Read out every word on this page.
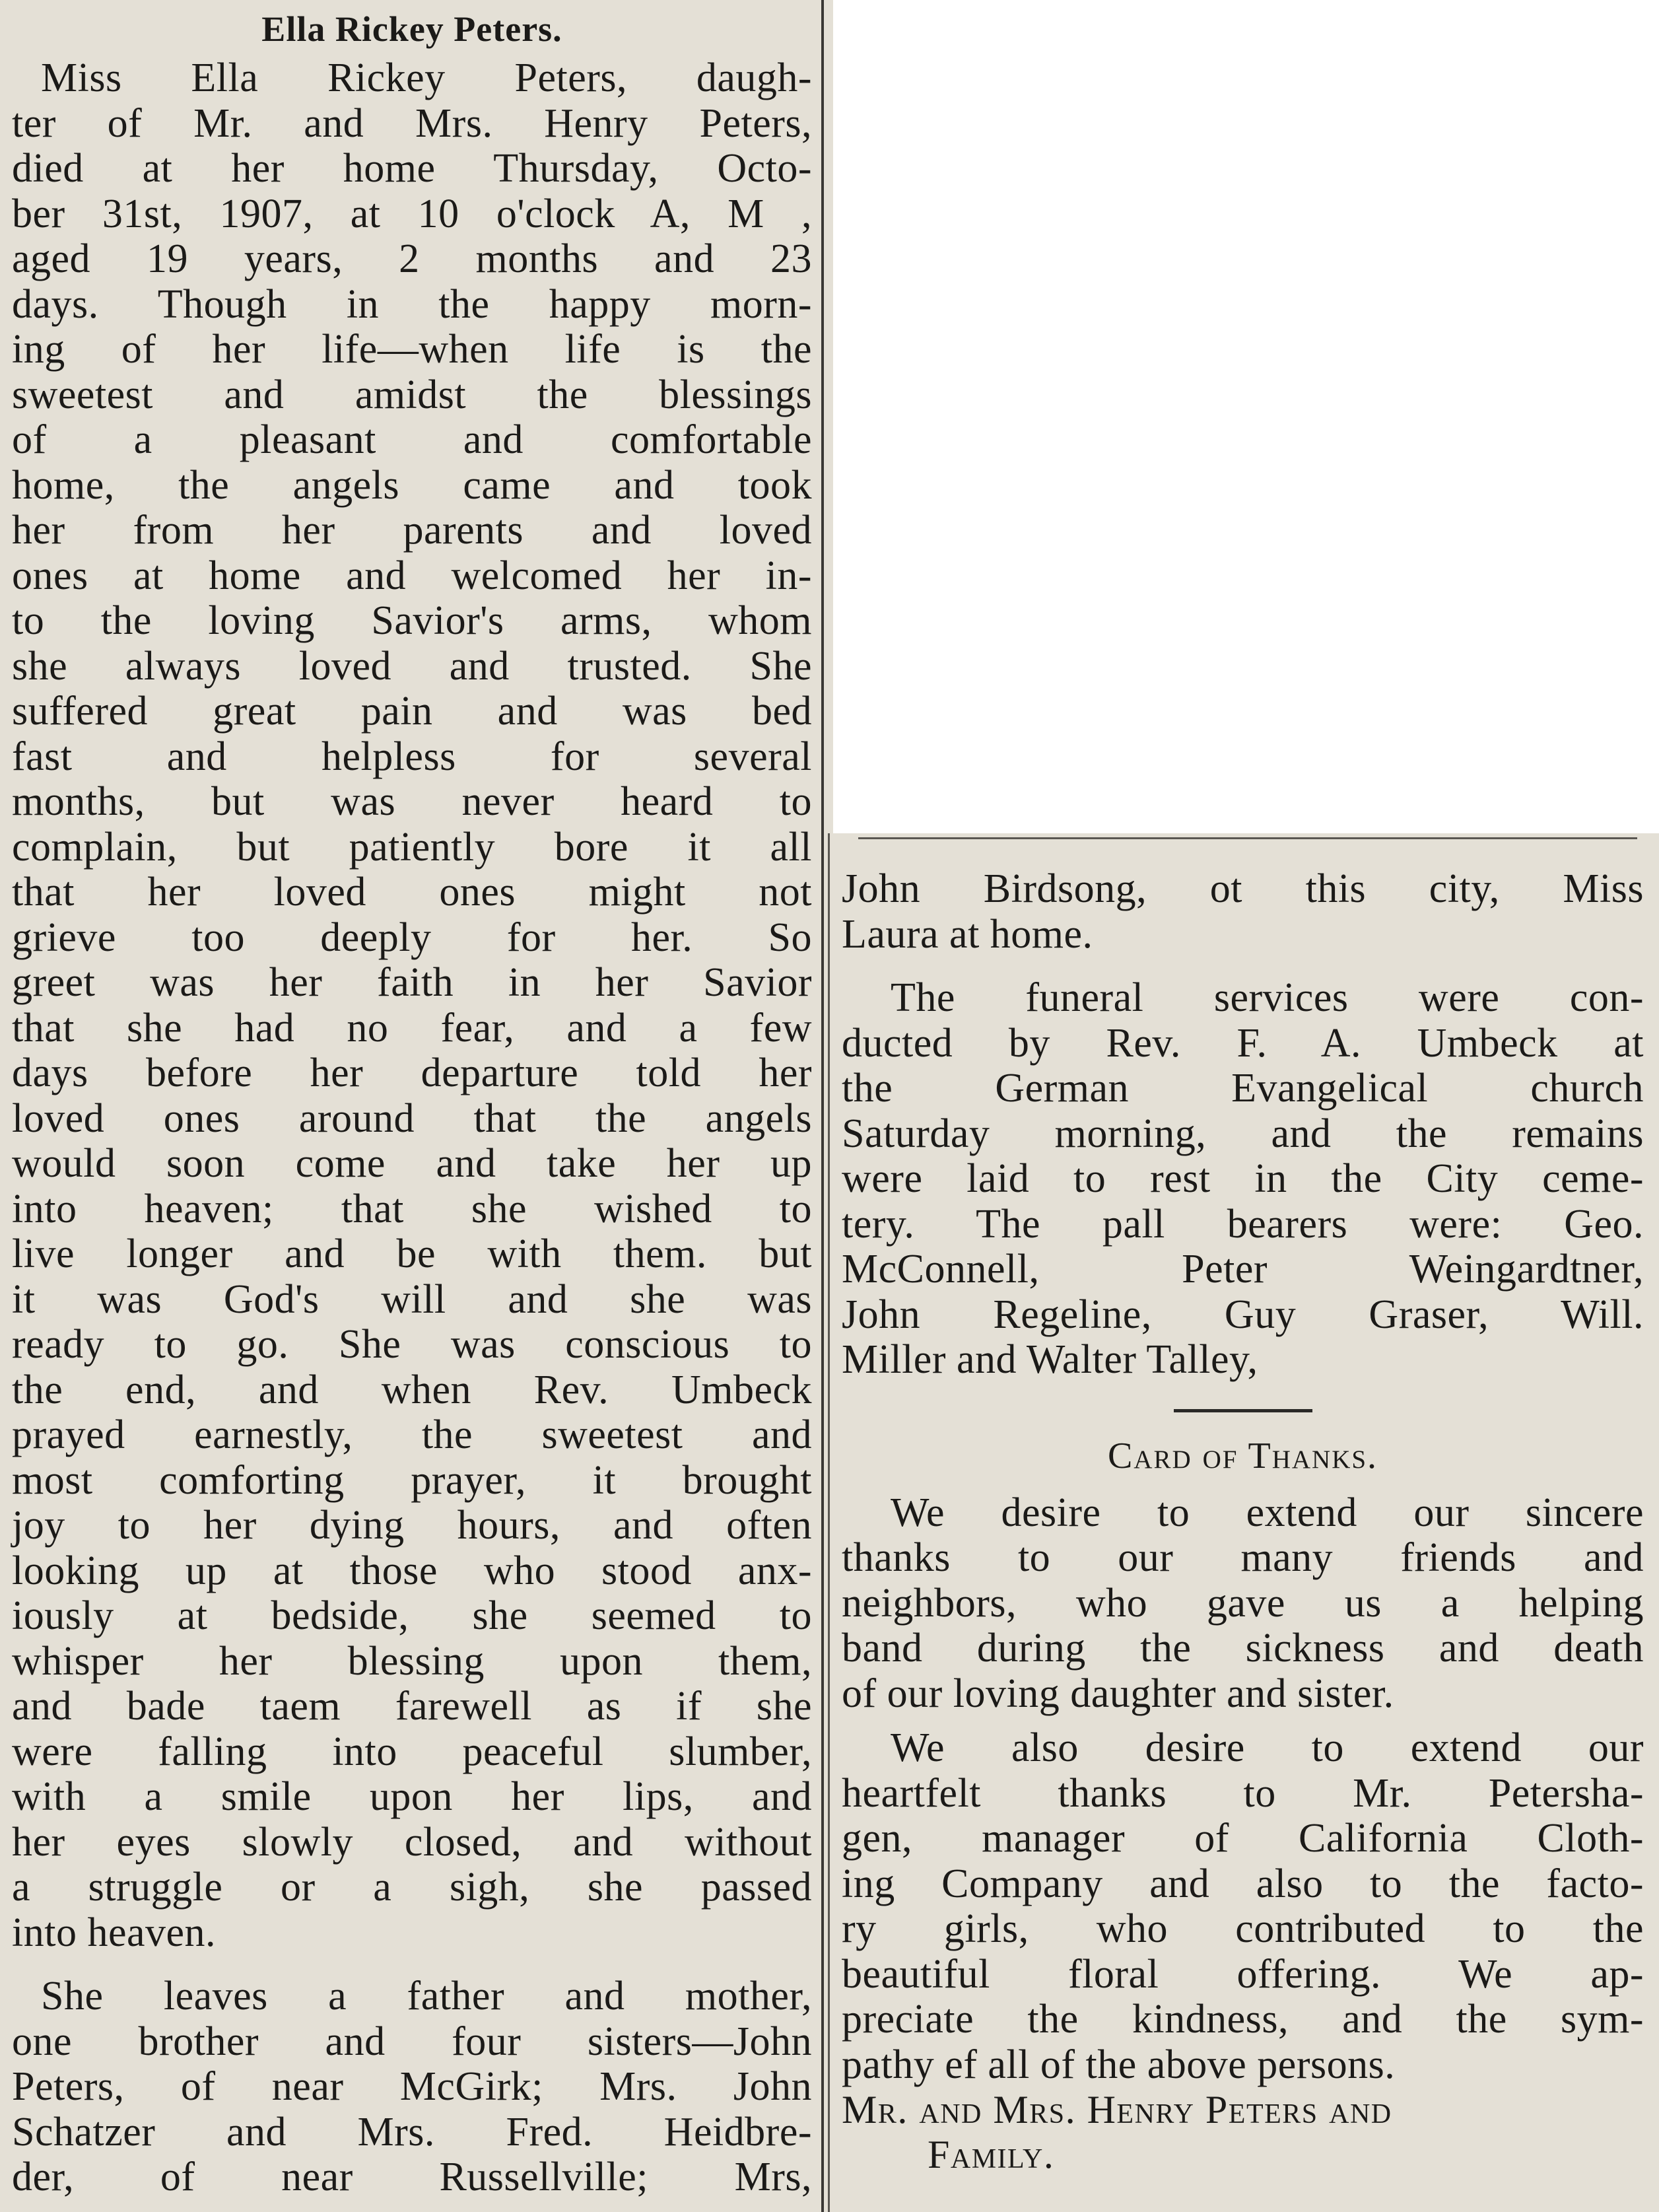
Ella Rickey Peters.
Miss Ella Rickey Peters, daugh-
ter of Mr. and Mrs. Henry Peters,
died at her home Thursday, Octo-
ber 31st, 1907, at 10 o'clock A, M ,
aged 19 years, 2 months and 23
days. Though in the happy morn-
ing of her life—when life is the
sweetest and amidst the blessings
of a pleasant and comfortable
home, the angels came and took
her from her parents and loved
ones at home and welcomed her in-
to the loving Savior's arms, whom
she always loved and trusted. She
suffered great pain and was bed
fast and helpless for several
months, but was never heard to
complain, but patiently bore it all
that her loved ones might not
grieve too deeply for her. So
greet was her faith in her Savior
that she had no fear, and a few
days before her departure told her
loved ones around that the angels
would soon come and take her up
into heaven; that she wished to
live longer and be with them. but
it was God's will and she was
ready to go. She was conscious to
the end, and when Rev. Umbeck
prayed earnestly, the sweetest and
most comforting prayer, it brought
joy to her dying hours, and often
looking up at those who stood anx-
iously at bedside, she seemed to
whisper her blessing upon them,
and bade taem farewell as if she
were falling into peaceful slumber,
with a smile upon her lips, and
her eyes slowly closed, and without
a struggle or a sigh, she passed
into heaven.
She leaves a father and mother,
one brother and four sisters—John
Peters, of near McGirk; Mrs. John
Schatzer and Mrs. Fred. Heidbre-
der, of near Russellville; Mrs,
John Birdsong, ot this city, Miss
Laura at home.
The funeral services were con-
ducted by Rev. F. A. Umbeck at
the German Evangelical church
Saturday morning, and the remains
were laid to rest in the City ceme-
tery. The pall bearers were: Geo.
McConnell, Peter Weingardtner,
John Regeline, Guy Graser, Will.
Miller and Walter Talley,
Card of Thanks.
We desire to extend our sincere
thanks to our many friends and
neighbors, who gave us a helping
band during the sickness and death
of our loving daughter and sister.
We also desire to extend our
heartfelt thanks to Mr. Petersha-
gen, manager of California Cloth-
ing Company and also to the facto-
ry girls, who contributed to the
beautiful floral offering. We ap-
preciate the kindness, and the sym-
pathy ef all of the above persons.
Mr. and Mrs. Henry Peters and
Family.
